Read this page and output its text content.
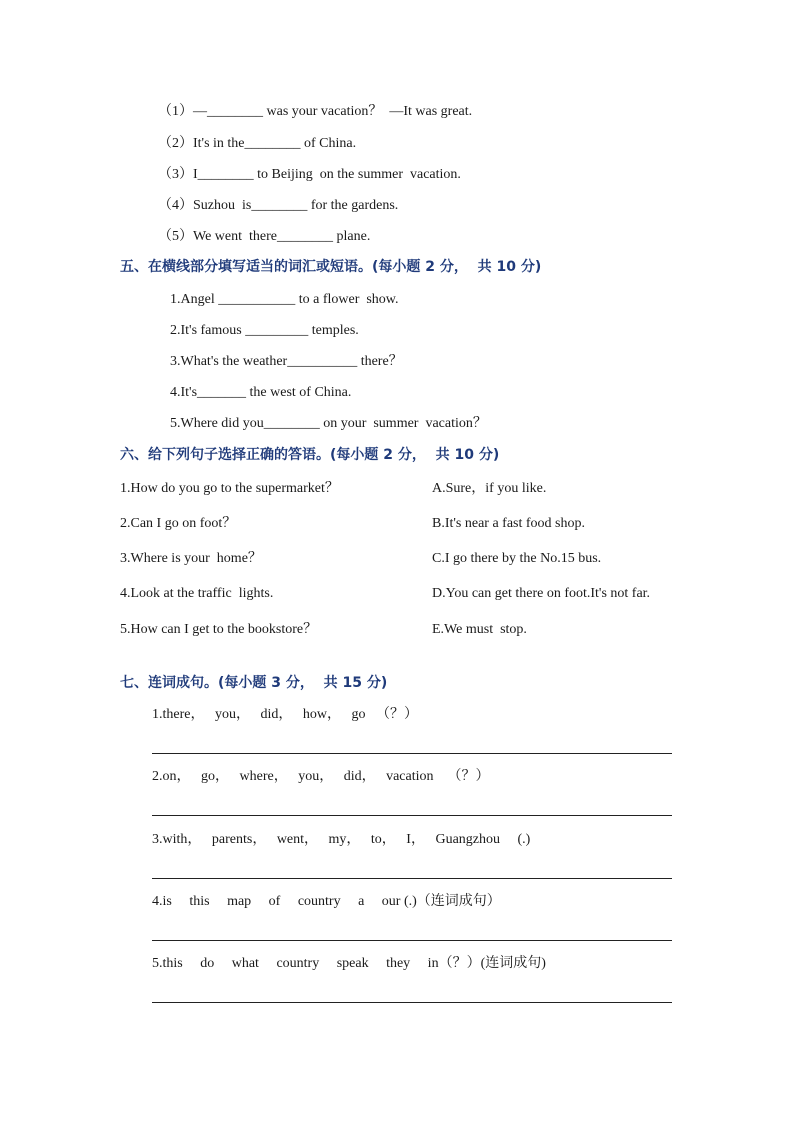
（1）—________ was your vacation？  —It was great.
（2）It's in the________ of China.
（3）I________ to Beijing  on the summer  vacation.
（4）Suzhou  is________ for the gardens.
（5）We went  there________ plane.
五、在横线部分填写适当的词汇或短语。(每小题 2 分，  共 10 分)
1.Angel ___________ to a flower  show.
2.It's famous _________ temples.
3.What's the weather__________ there？
4.It's_______ the west of China.
5.Where did you________ on your  summer  vacation？
六、给下列句子选择正确的答语。(每小题 2 分，  共 10 分)
1.How do you go to the supermarket？
2.Can I go on foot？
3.Where is your  home？
4.Look at the traffic  lights.
5.How can I get to the bookstore？
A.Sure，if you like.
B.It's near a fast food shop.
C.I go there by the No.15 bus.
D.You can get there on foot.It's not far.
E.We must  stop.
七、连词成句。(每小题 3 分，  共 15 分)
1.there，   you，   did，   how，   go   （？）
2.on，   go，   where，   you，   did，   vacation    （？）
3.with，   parents，   went，   my，   to，   I，   Guangzhou     (.)
4.is     this     map     of     country     a     our (.)（连词成句）
5.this     do     what     country     speak     they     in（？）(连词成句)
